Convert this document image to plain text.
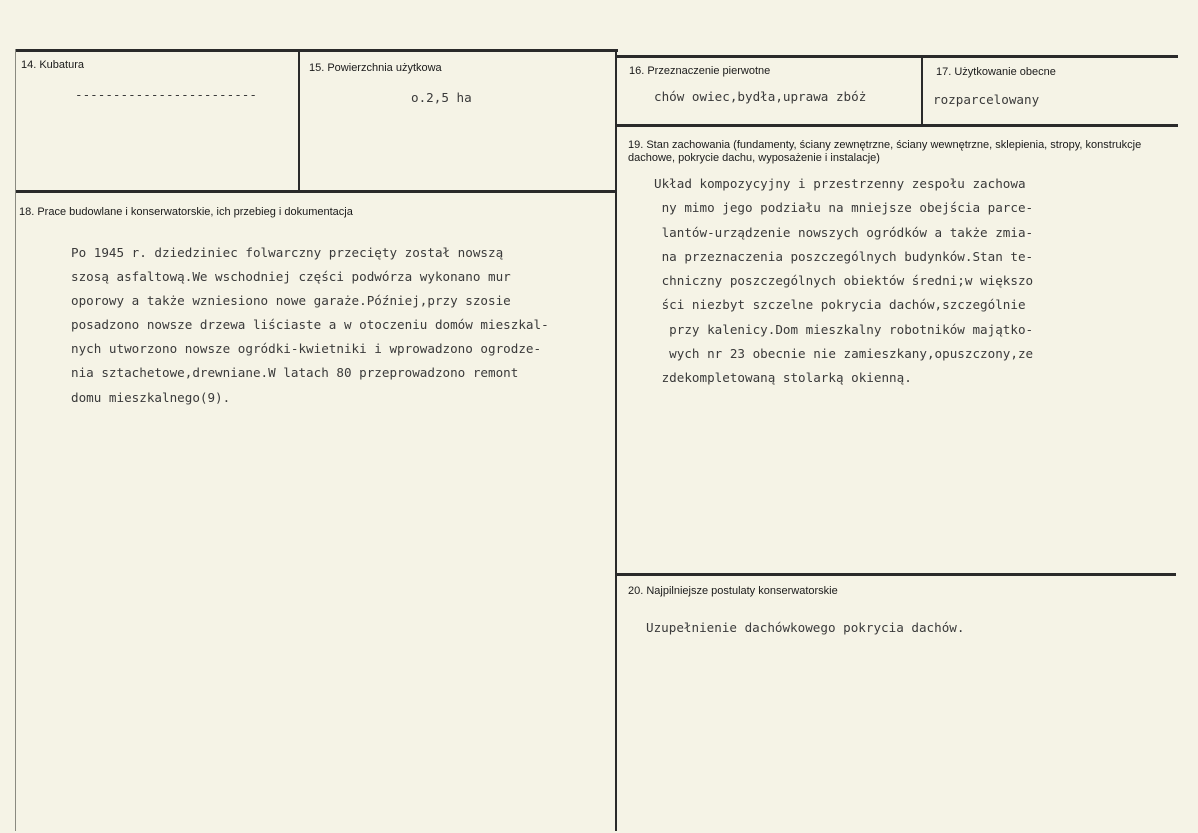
14. Kubatura
------------------------
15. Powierzchnia użytkowa
o.2,5 ha
16. Przeznaczenie pierwotne
chów owiec,bydła,uprawa zbóż
17. Użytkowanie obecne
rozparcelowany
18. Prace budowlane i konserwatorskie, ich przebieg i dokumentacja
Po 1945 r. dziedziniec folwarczny przecięty został nowszą
szosą asfaltową.We wschodniej części podwórza wykonano mur
oporowy a także wzniesiono nowe garaże.Później,przy szosie
posadzono nowsze drzewa liściaste a w otoczeniu domów mieszkal-
nych utworzono nowsze ogródki-kwietniki i wprowadzono ogrodze-
nia sztachetowe,drewniane.W latach 80 przeprowadzono remont
domu mieszkalnego(9).
19. Stan zachowania (fundamenty, ściany zewnętrzne, ściany wewnętrzne, sklepienia, stropy, konstrukcje dachowe, pokrycie dachu, wyposażenie i instalacje)
Układ kompozycyjny i przestrzenny zespołu zachowa
ny mimo jego podziału na mniejsze obejścia parce-
lantów-urządzenie nowszych ogródków a także zmia-
na przeznaczenia poszczególnych budynków.Stan te-
chniczny poszczególnych obiektów średni;w większo
ści niezbyt szczelne pokrycia dachów,szczególnie
przy kalenicy.Dom mieszkalny robotników majątko-
wych nr 23 obecnie nie zamieszkany,opuszczony,ze
zdekompletowaną stolarką okienną.
20. Najpilniejsze postulaty konserwatorskie
Uzupełnienie dachówkowego pokrycia dachów.
